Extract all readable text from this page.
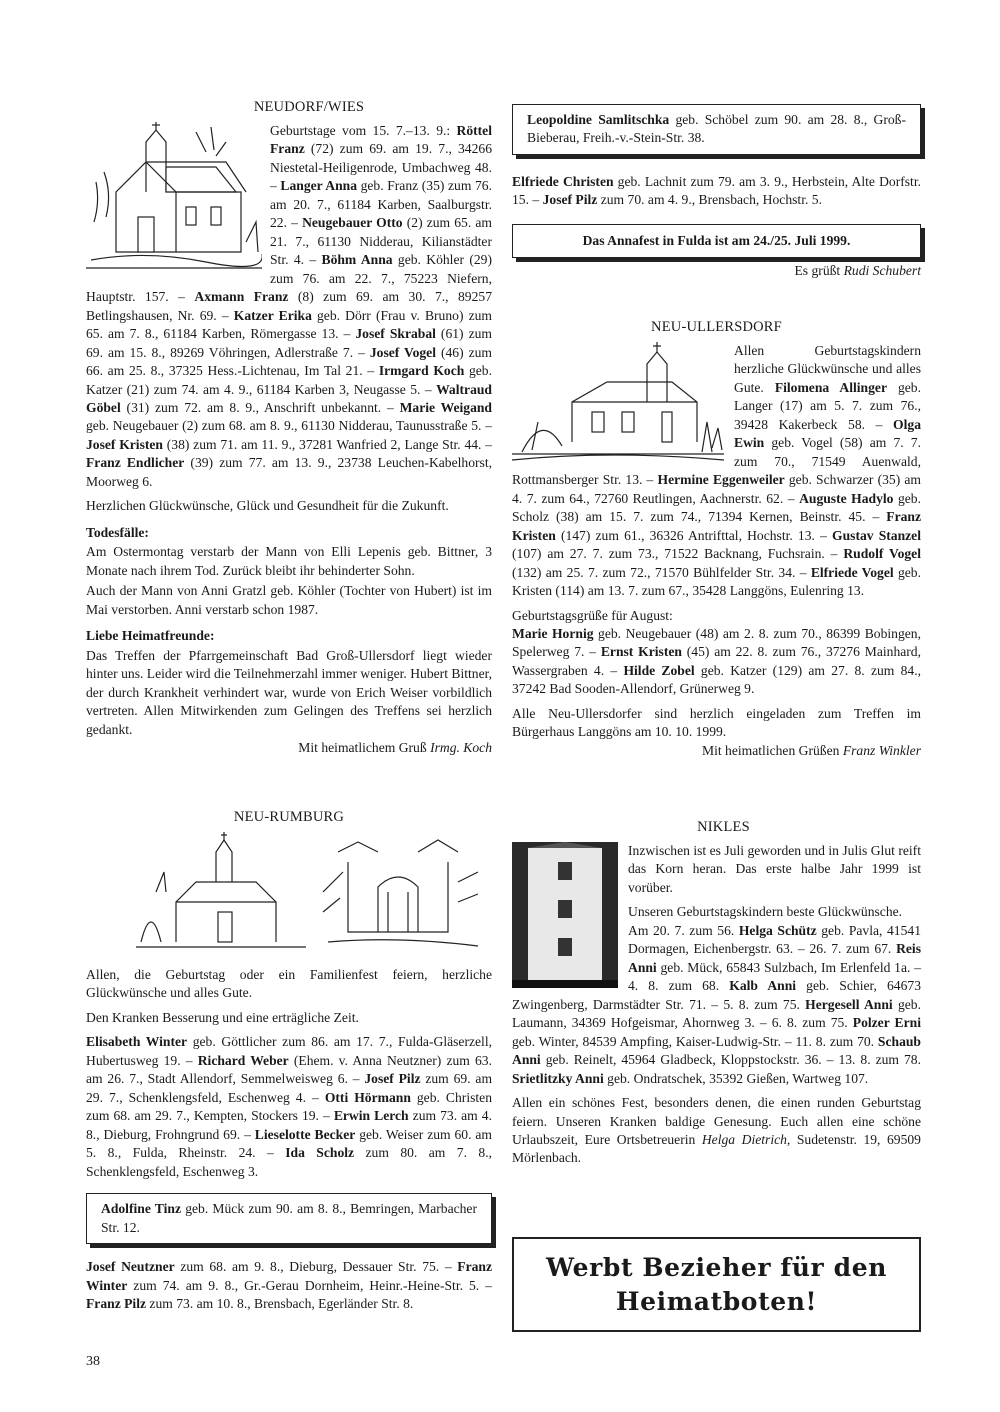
NEUDORF/WIES

Geburtstage vom 15. 7.–13. 9.: Röttel Franz (72) zum 69. am 19. 7., 34266 Niestetal-Heiligenrode, Umbachweg 48. – Langer Anna geb. Franz (35) zum 76. am 20. 7., 61184 Karben, Saalburgstr. 22. – Neugebauer Otto (2) zum 65. am 21. 7., 61130 Nidderau, Kilianstädter Str. 4. – Böhm Anna geb. Köhler (29) zum 76. am 22. 7., 75223 Niefern, Hauptstr. 157. – Axmann Franz (8) zum 69. am 30. 7., 89257 Betlingshausen, Nr. 69. – Katzer Erika geb. Dörr (Frau v. Bruno) zum 65. am 7. 8., 61184 Karben, Römergasse 13. – Josef Skrabal (61) zum 69. am 15. 8., 89269 Vöhringen, Adlerstraße 7. – Josef Vogel (46) zum 66. am 25. 8., 37325 Hess.-Lichtenau, Im Tal 21. – Irmgard Koch geb. Katzer (21) zum 74. am 4. 9., 61184 Karben 3, Neugasse 5. – Waltraud Göbel (31) zum 72. am 8. 9., Anschrift unbekannt. – Marie Weigand geb. Neugebauer (2) zum 68. am 8. 9., 61130 Nidderau, Taunusstraße 5. – Josef Kristen (38) zum 71. am 11. 9., 37281 Wanfried 2, Lange Str. 44. – Franz Endlicher (39) zum 77. am 13. 9., 23738 Leuchen-Kabelhorst, Moorweg 6.

Herzlichen Glückwünsche, Glück und Gesundheit für die Zukunft.

Todesfälle:

Am Ostermontag verstarb der Mann von Elli Lepenis geb. Bittner, 3 Monate nach ihrem Tod. Zurück bleibt ihr behinderter Sohn.

Auch der Mann von Anni Gratzl geb. Köhler (Tochter von Hubert) ist im Mai verstorben. Anni verstarb schon 1987.

Liebe Heimatfreunde:

Das Treffen der Pfarrgemeinschaft Bad Groß-Ullersdorf liegt wieder hinter uns. Leider wird die Teilnehmerzahl immer weniger. Hubert Bittner, der durch Krankheit verhindert war, wurde von Erich Weiser vorbildlich vertreten. Allen Mitwirkenden zum Gelingen des Treffens sei herzlich gedankt.

Mit heimatlichem Gruß Irmg. Koch
Leopoldine Samlitschka geb. Schöbel zum 90. am 28. 8., Groß-Bieberau, Freih.-v.-Stein-Str. 38.

Elfriede Christen geb. Lachnit zum 79. am 3. 9., Herbstein, Alte Dorfstr. 15. – Josef Pilz zum 70. am 4. 9., Brensbach, Hochstr. 5.

Das Annafest in Fulda ist am 24./25. Juli 1999.
Es grüßt Rudi Schubert
NEU-ULLERSDORF

Allen Geburtstagskindern herzliche Glückwünsche und alles Gute. Filomena Allinger geb. Langer (17) am 5. 7. zum 76., 39428 Kakerbeck 58. – Olga Ewin geb. Vogel (58) am 7. 7. zum 70., 71549 Auenwald, Rottmansberger Str. 13. – Hermine Eggenweiler geb. Schwarzer (35) am 4. 7. zum 64., 72760 Reutlingen, Aachnerstr. 62. – Auguste Hadylo geb. Scholz (38) am 15. 7. zum 74., 71394 Kernen, Beinstr. 45. – Franz Kristen (147) zum 61., 36326 Antrifttal, Hochstr. 13. – Gustav Stanzel (107) am 27. 7. zum 73., 71522 Backnang, Fuchsrain. – Rudolf Vogel (132) am 25. 7. zum 72., 71570 Bühlfelder Str. 34. – Elfriede Vogel geb. Kristen (114) am 13. 7. zum 67., 35428 Langgöns, Eulenring 13.

Geburtstagsgrüße für August:

Marie Hornig geb. Neugebauer (48) am 2. 8. zum 70., 86399 Bobingen, Spelerweg 7. – Ernst Kristen (45) am 22. 8. zum 76., 37276 Mainhard, Wassergraben 4. – Hilde Zobel geb. Katzer (129) am 27. 8. zum 84., 37242 Bad Sooden-Allendorf, Grünerweg 9.

Alle Neu-Ullersdorfer sind herzlich eingeladen zum Treffen im Bürgerhaus Langgöns am 10. 10. 1999.

Mit heimatlichen Grüßen Franz Winkler
NEU-RUMBURG

Allen, die Geburtstag oder ein Familienfest feiern, herzliche Glückwünsche und alles Gute.

Den Kranken Besserung und eine erträgliche Zeit.

Elisabeth Winter geb. Göttlicher zum 86. am 17. 7., Fulda-Gläserzell, Hubertusweg 19. – Richard Weber (Ehem. v. Anna Neutzner) zum 63. am 26. 7., Stadt Allendorf, Semmelweisweg 6. – Josef Pilz zum 69. am 29. 7., Schenklengsfeld, Eschenweg 4. – Otti Hörmann geb. Christen zum 68. am 29. 7., Kempten, Stockers 19. – Erwin Lerch zum 73. am 4. 8., Dieburg, Frohngrund 69. – Lieselotte Becker geb. Weiser zum 60. am 5. 8., Fulda, Rheinstr. 24. – Ida Scholz zum 80. am 7. 8., Schenklengsfeld, Eschenweg 3.

Adolfine Tinz geb. Mück zum 90. am 8. 8., Bemringen, Marbacher Str. 12.

Josef Neutzner zum 68. am 9. 8., Dieburg, Dessauer Str. 75. – Franz Winter zum 74. am 9. 8., Gr.-Gerau Dornheim, Heinr.-Heine-Str. 5. – Franz Pilz zum 73. am 10. 8., Brensbach, Egerländer Str. 8.

NIKLES

Inzwischen ist es Juli geworden und in Julis Glut reift das Korn heran. Das erste halbe Jahr 1999 ist vorüber.

Unseren Geburtstagskindern beste Glückwünsche.

Am 20. 7. zum 56. Helga Schütz geb. Pavla, 41541 Dormagen, Eichenbergstr. 63. – 26. 7. zum 67. Reis Anni geb. Mück, 65843 Sulzbach, Im Erlenfeld 1a. – 4. 8. zum 68. Kalb Anni geb. Schier, 64673 Zwingenberg, Darmstädter Str. 71. – 5. 8. zum 75. Hergesell Anni geb. Laumann, 34369 Hofgeismar, Ahornweg 3. – 6. 8. zum 75. Polzer Erni geb. Winter, 84539 Ampfing, Kaiser-Ludwig-Str. – 11. 8. zum 70. Schaub Anni geb. Reinelt, 45964 Gladbeck, Kloppstockstr. 36. – 13. 8. zum 78. Srietlitzky Anni geb. Ondratschek, 35392 Gießen, Wartweg 107.

Allen ein schönes Fest, besonders denen, die einen runden Geburtstag feiern. Unseren Kranken baldige Genesung. Euch allen eine schöne Urlaubszeit, Eure Ortsbetreuerin Helga Dietrich, Sudetenstr. 19, 69509 Mörlenbach.

Werbt Bezieher für den
Heimatboten!
38
